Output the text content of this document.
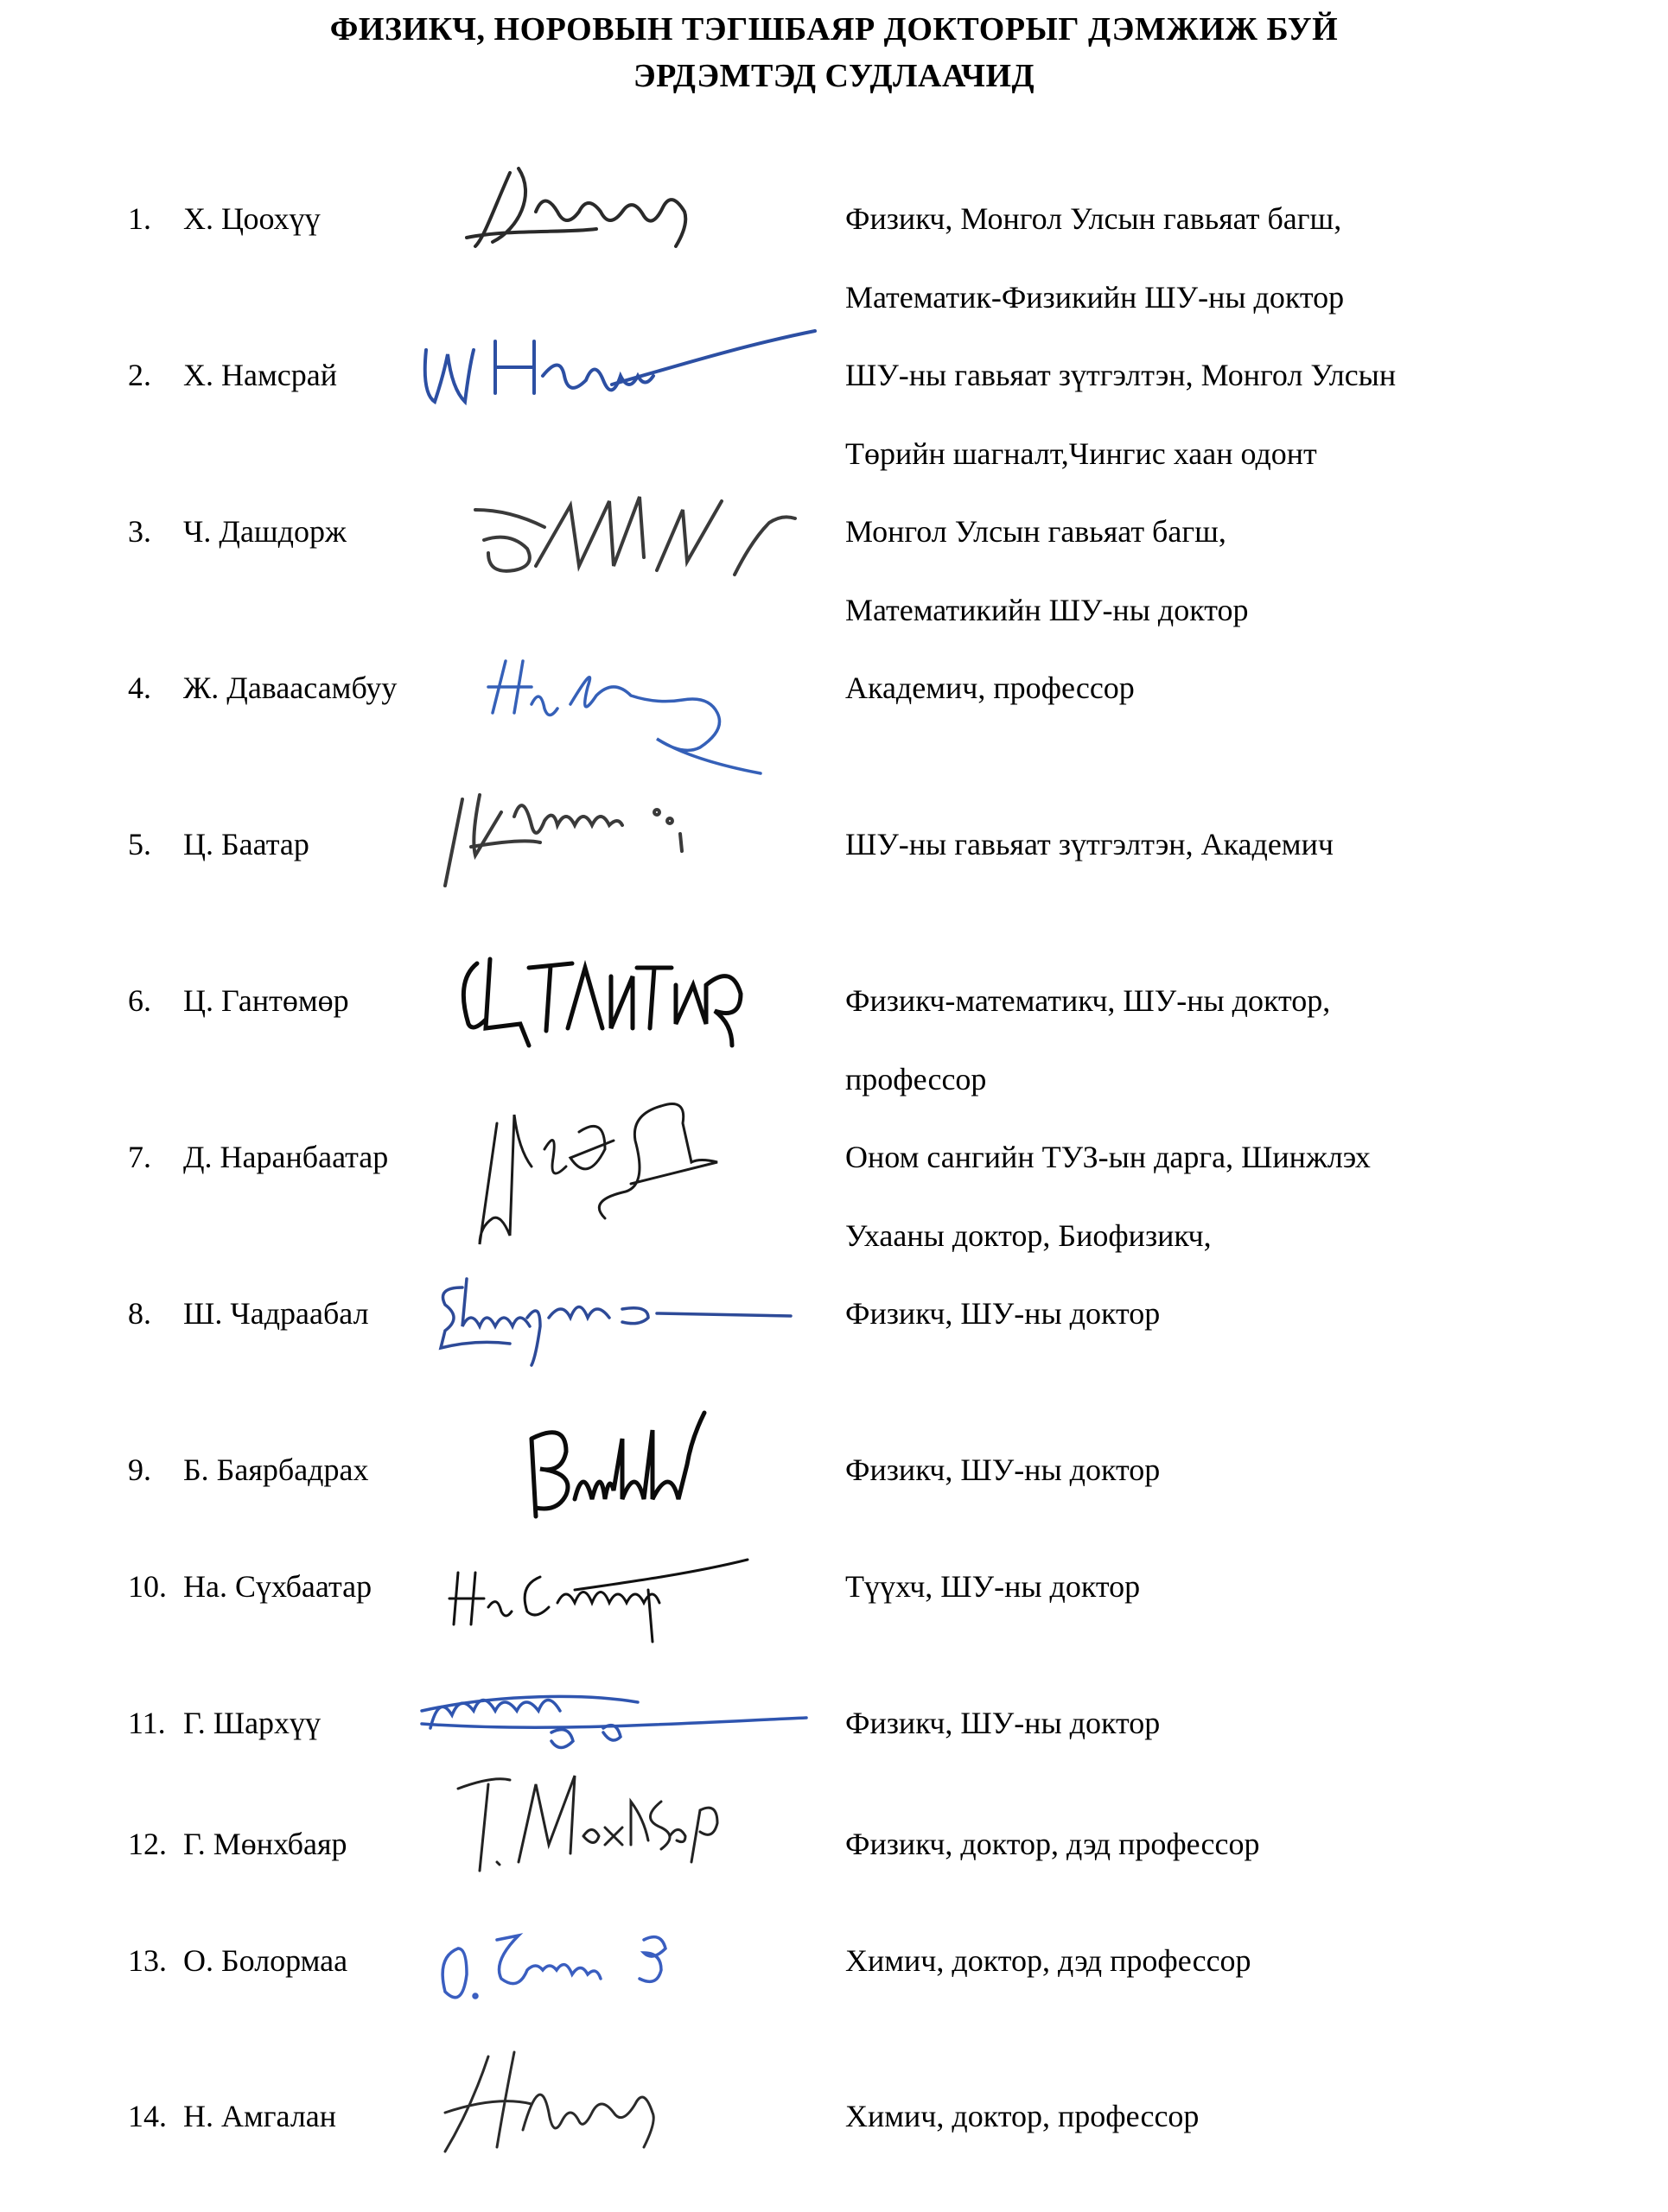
ФИЗИКЧ, НОРОВЫН ТЭГШБАЯР ДОКТОРЫГ ДЭМЖИЖ БУЙ
ЭРДЭМТЭД СУДЛААЧИД
1. Х. Цоохүү	Физикч, Монгол Улсын гавьяат багш,
Математик-Физикийн ШУ-ны доктор
2. Х. Намсрай	ШУ-ны гавьяат зүтгэлтэн, Монгол Улсын
Төрийн шагналт,Чингис хаан одонт
3. Ч. Дашдорж	Монгол Улсын гавьяат багш,
Математикийн ШУ-ны доктор
4. Ж. Даваасамбуу	Академич, профессор
5. Ц. Баатар	ШУ-ны гавьяат зүтгэлтэн, Академич
6. Ц. Гантөмөр	Физикч-математикч, ШУ-ны доктор,
профессор
7. Д. Наранбаатар	Оном сангийн ТУЗ-ын дарга, Шинжлэх
Ухааны доктор, Биофизикч,
8. Ш. Чадраабал	Физикч, ШУ-ны доктор
9. Б. Баярбадрах	Физикч, ШУ-ны доктор
10. На. Сүхбаатар	Түүхч, ШУ-ны доктор
11. Г. Шархүү	Физикч, ШУ-ны доктор
12. Г. Мөнхбаяр	Физикч, доктор, дэд профессор
13. О. Болормаа	Химич, доктор, дэд профессор
14. Н. Амгалан	Химич, доктор, профессор
